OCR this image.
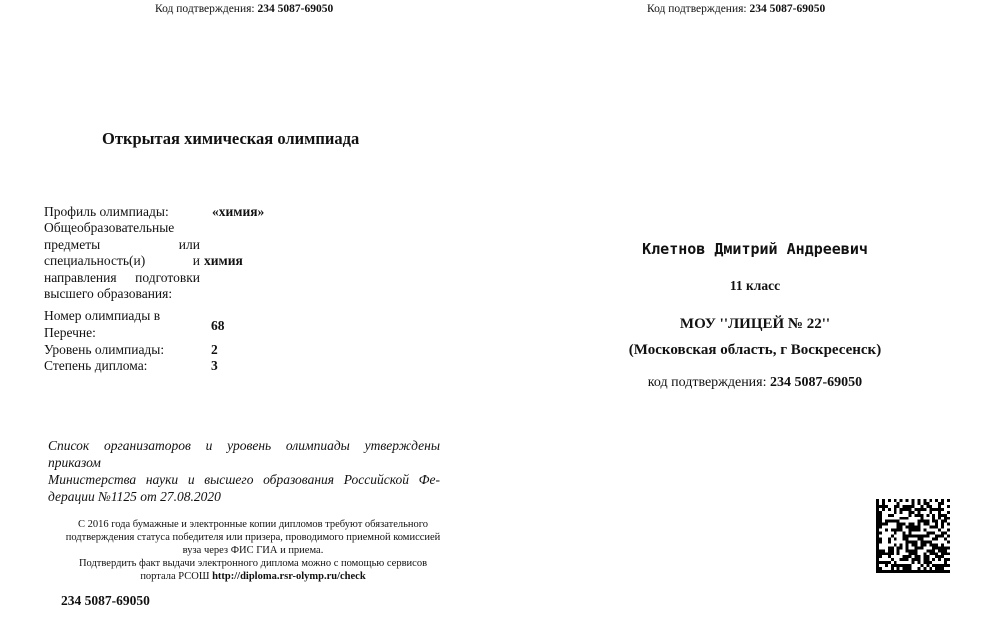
Код подтверждения: 234 5087-69050	Код подтверждения: 234 5087-69050
Открытая химическая олимпиада
Профиль олимпиады:	«химия»
Общеобразовательные предметы или специальность(и) и направления подготовки высшего образования:
химия
Номер олимпиады в Перечне:	68
Уровень олимпиады:	2
Степень диплома:	3
Список организаторов и уровень олимпиады утверждены
приказом
Министерства науки и высшего образования Российской Фе-
дерации №1125 от 27.08.2020
С 2016 года бумажные и электронные копии дипломов требуют обязательного
подтверждения статуса победителя или призера, проводимого приемной комиссией
вуза через ФИС ГИА и приема.
Подтвердить факт выдачи электронного диплома можно с помощью сервисов
портала РСОШ http://diploma.rsr-olymp.ru/check
234 5087-69050
Клетнов Дмитрий Андреевич
11 класс
МОУ ''ЛИЦЕЙ № 22''
(Московская область, г Воскресенск)
код подтверждения: 234 5087-69050
